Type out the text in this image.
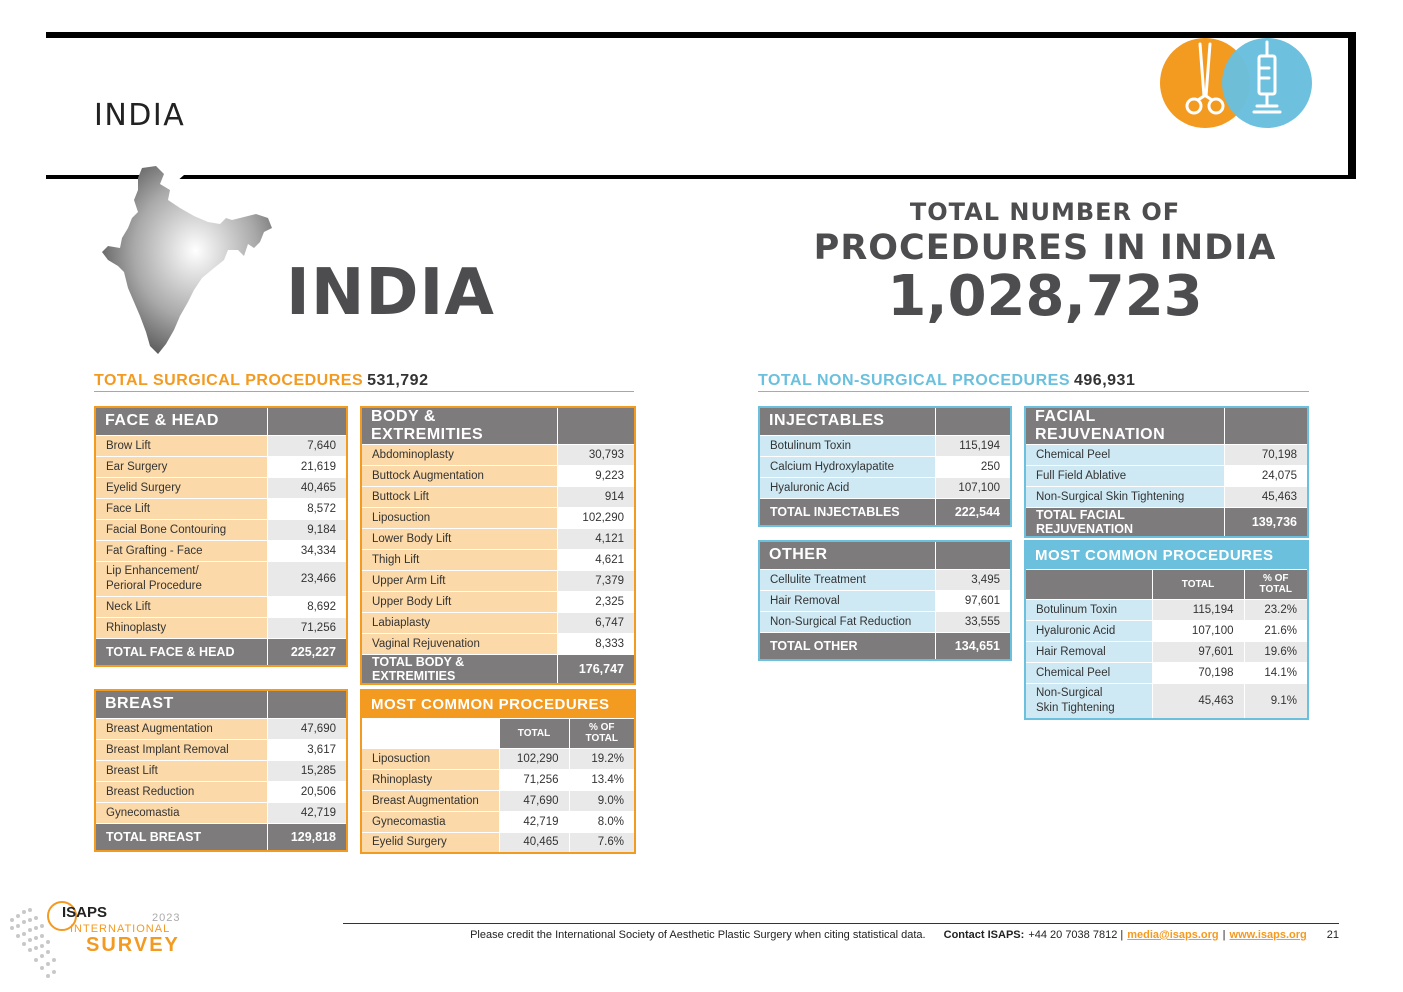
INDIA
INDIA
TOTAL NUMBER OF
PROCEDURES IN INDIA
1,028,723
TOTAL SURGICAL PROCEDURES 531,792	TOTAL NON-SURGICAL PROCEDURES 496,931
FACE & HEAD	
Brow Lift	7,640
Ear Surgery	21,619
Eyelid Surgery	40,465
Face Lift	8,572
Facial Bone Contouring	9,184
Fat Grafting - Face	34,334
Lip Enhancement/
Perioral Procedure	23,466
Neck Lift	8,692
Rhinoplasty	71,256
TOTAL FACE & HEAD	225,227
BODY & EXTREMITIES	
Abdominoplasty	30,793
Buttock Augmentation	9,223
Buttock Lift	914
Liposuction	102,290
Lower Body Lift	4,121
Thigh Lift	4,621
Upper Arm Lift	7,379
Upper Body Lift	2,325
Labiaplasty	6,747
Vaginal Rejuvenation	8,333
TOTAL BODY & EXTREMITIES	176,747
BREAST	
Breast Augmentation	47,690
Breast Implant Removal	3,617
Breast Lift	15,285
Breast Reduction	20,506
Gynecomastia	42,719
TOTAL BREAST	129,818
MOST COMMON PROCEDURES		
	TOTAL	% OF
TOTAL
Liposuction	102,290	19.2%
Rhinoplasty	71,256	13.4%
Breast Augmentation	47,690	9.0%
Gynecomastia	42,719	8.0%
Eyelid Surgery	40,465	7.6%
INJECTABLES	
Botulinum Toxin	115,194
Calcium Hydroxylapatite	250
Hyaluronic Acid	107,100
TOTAL INJECTABLES	222,544
FACIAL REJUVENATION	
Chemical Peel	70,198
Full Field Ablative	24,075
Non-Surgical Skin Tightening	45,463
TOTAL FACIAL REJUVENATION	139,736
OTHER	
Cellulite Treatment	3,495
Hair Removal	97,601
Non-Surgical Fat Reduction	33,555
TOTAL OTHER	134,651
MOST COMMON PROCEDURES		
	TOTAL	% OF
TOTAL
Botulinum Toxin	115,194	23.2%
Hyaluronic Acid	107,100	21.6%
Hair Removal	97,601	19.6%
Chemical Peel	70,198	14.1%
Non-Surgical
Skin Tightening	45,463	9.1%
ISAPS	2023
INTERNATIONAL
SURVEY	Please credit the International Society of Aesthetic Plastic Surgery when citing statistical data. Contact ISAPS: +44 20 7038 7812 | media@isaps.org | www.isaps.org 21
